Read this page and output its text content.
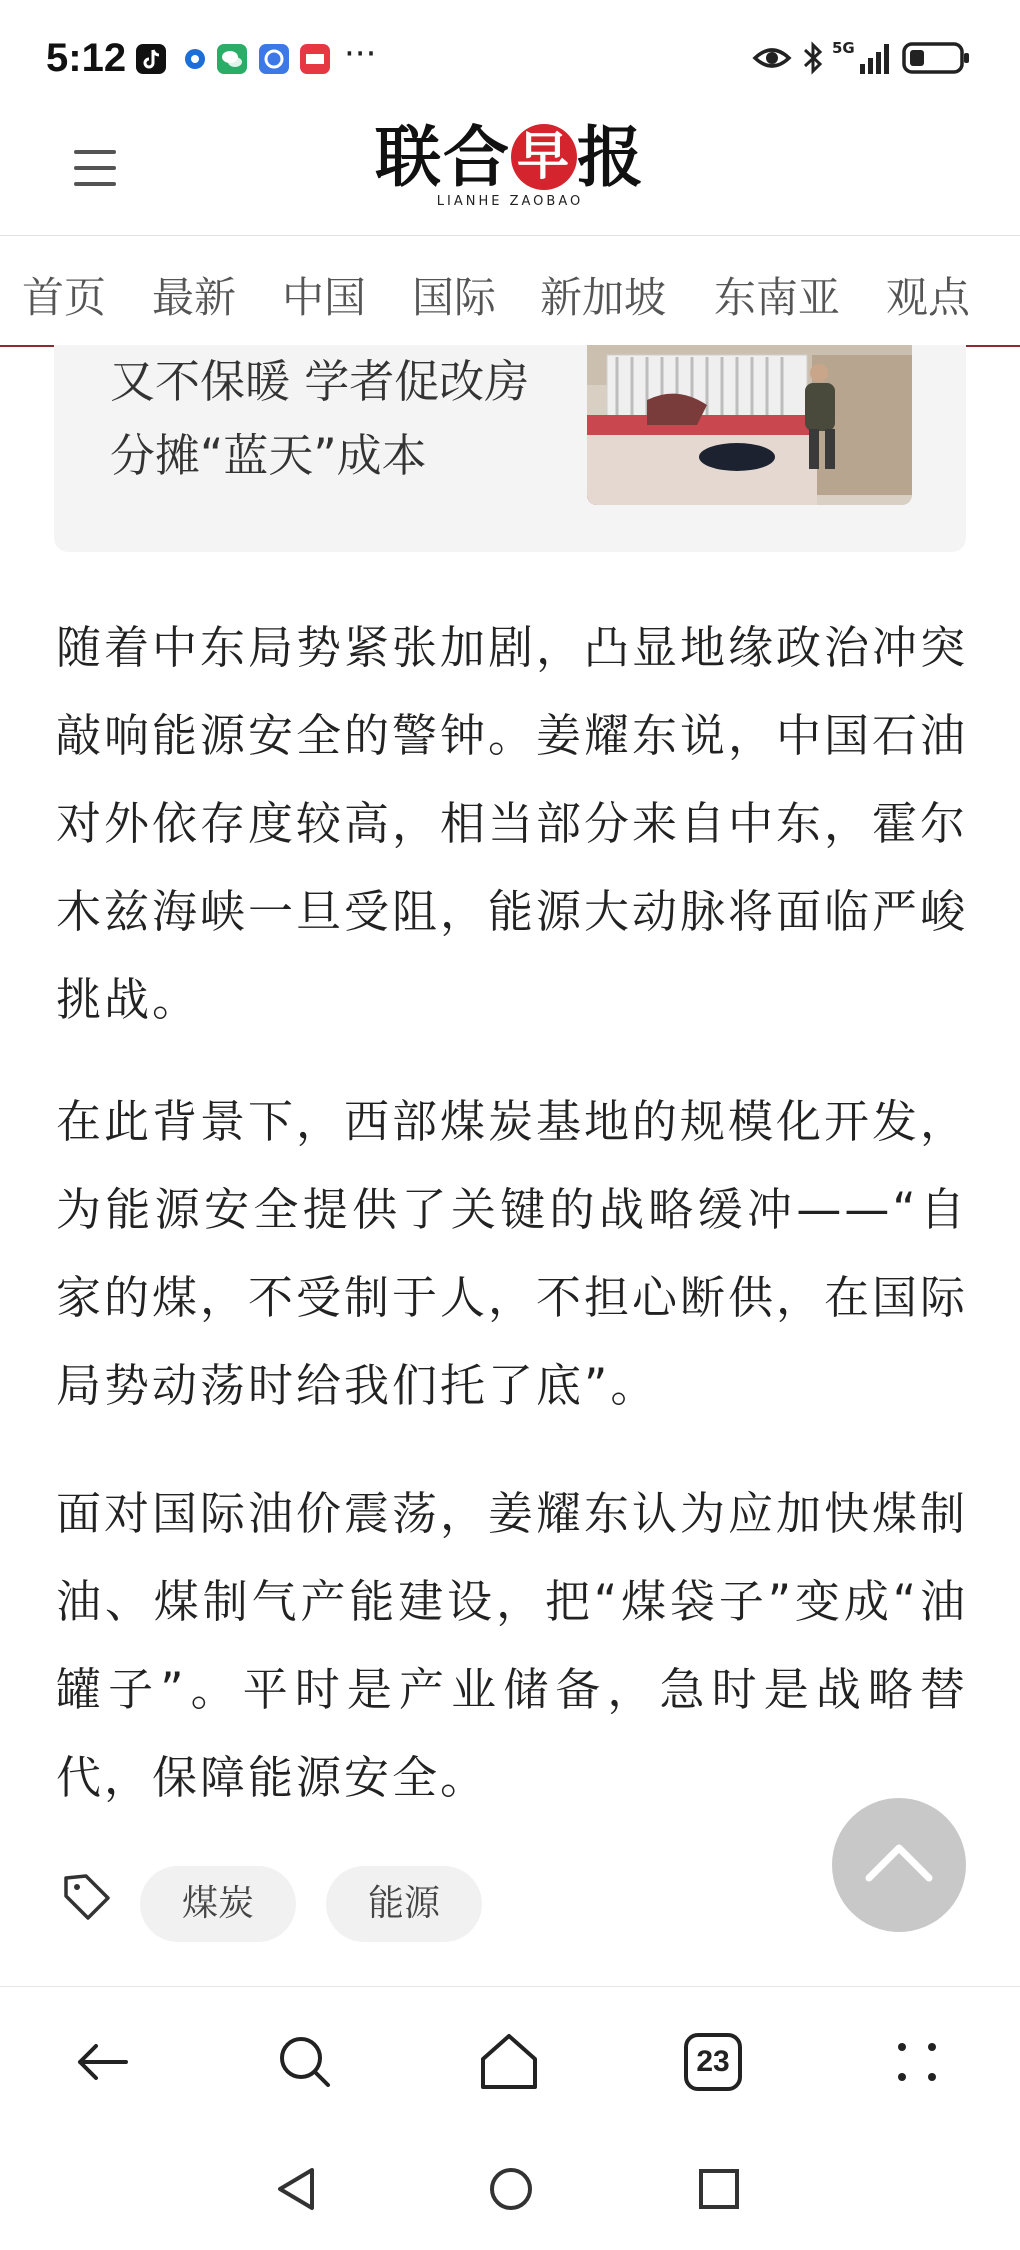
5:12	···	5G
联合 早报
LIANHE ZAOBAO
首页 最新 中国 国际 新加坡 东南亚 观点
又不保暖 学者促改房
分摊“蓝天”成本
随着中东局势紧张加剧，凸显地缘政治冲突敲响能源安全的警钟。姜耀东说，中国石油对外依存度较高，相当部分来自中东，霍尔木兹海峡一旦受阻，能源大动脉将面临严峻挑战。
在此背景下，西部煤炭基地的规模化开发，为能源安全提供了关键的战略缓冲——“自家的煤，不受制于人，不担心断供，在国际局势动荡时给我们托了底”。
面对国际油价震荡，姜耀东认为应加快煤制油、煤制气产能建设，把“煤袋子”变成“油罐子”。平时是产业储备，急时是战略替代，保障能源安全。
煤炭	能源
23
